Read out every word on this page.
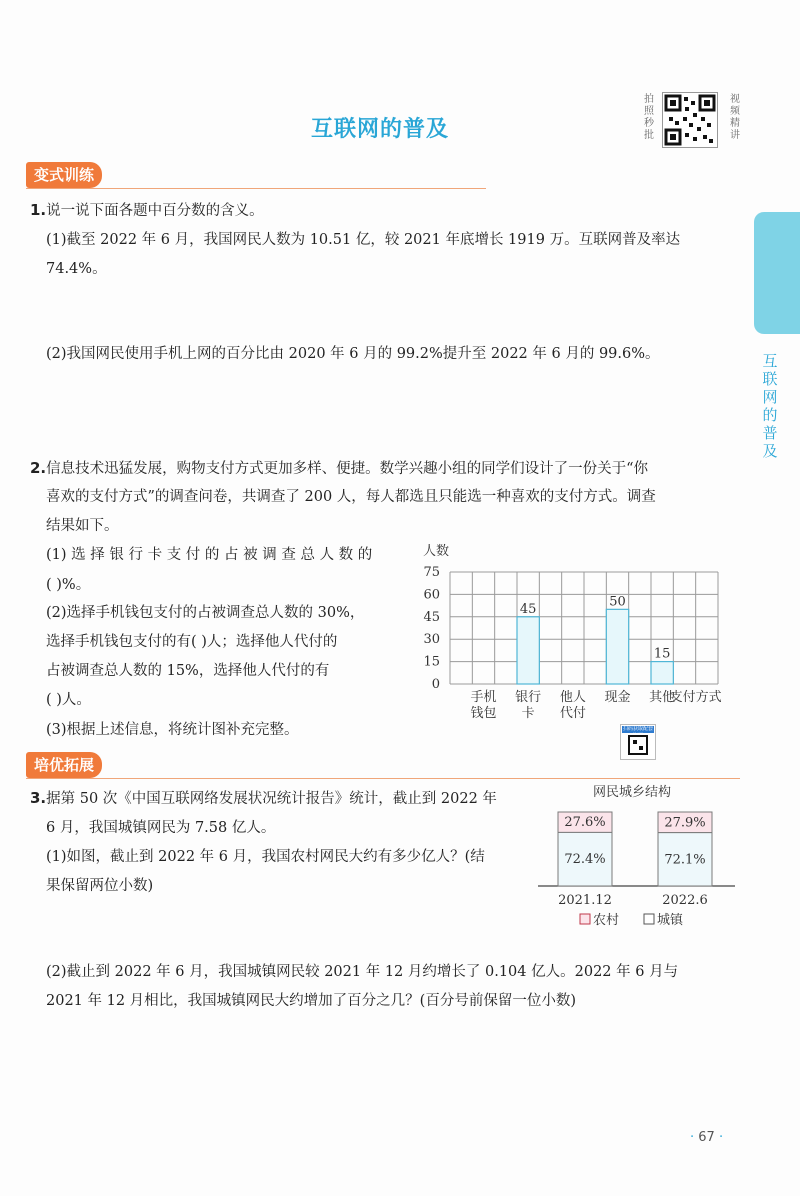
互联网的普及
拍
照
秒
批
视
频
精
讲
互
联
网
的
普
及
变式训练
1.说一说下面各题中百分数的含义。
(1)截至 2022 年 6 月，我国网民人数为 10.51 亿，较 2021 年底增长 1919 万。互联网普及率达
74.4%。
(2)我国网民使用手机上网的百分比由 2020 年 6 月的 99.2%提升至 2022 年 6 月的 99.6%。
2.信息技术迅猛发展，购物支付方式更加多样、便捷。数学兴趣小组的同学们设计了一份关于“你
喜欢的支付方式”的调查问卷，共调查了 200 人，每人都选且只能选一种喜欢的支付方式。调查
结果如下。
(1) 选 择 银 行 卡 支 付 的 占 被 调 查 总 人 数 的
( )%。
(2)选择手机钱包支付的占被调查总人数的 30%，
选择手机钱包支付的有( )人；选择他人代付的
占被调查总人数的 15%，选择他人代付的有
( )人。
(3)根据上述信息，将统计图补充完整。
人数
0
15
30
45
60
75
手机
钱包
45
银行
卡
他人
代付
50
现金
15
其他
支付方式
扫码获取配套资源
培优拓展
3.据第 50 次《中国互联网络发展状况统计报告》统计，截止到 2022 年
6 月，我国城镇网民为 7.58 亿人。
(1)如图，截止到 2022 年 6 月，我国农村网民大约有多少亿人？(结
果保留两位小数)
(2)截止到 2022 年 6 月，我国城镇网民较 2021 年 12 月约增长了 0.104 亿人。2022 年 6 月与
2021 年 12 月相比，我国城镇网民大约增加了百分之几？(百分号前保留一位小数)
网民城乡结构
27.6%
72.4%
2021.12
27.9%
72.1%
2022.6
农村	城镇
· 67 ·
